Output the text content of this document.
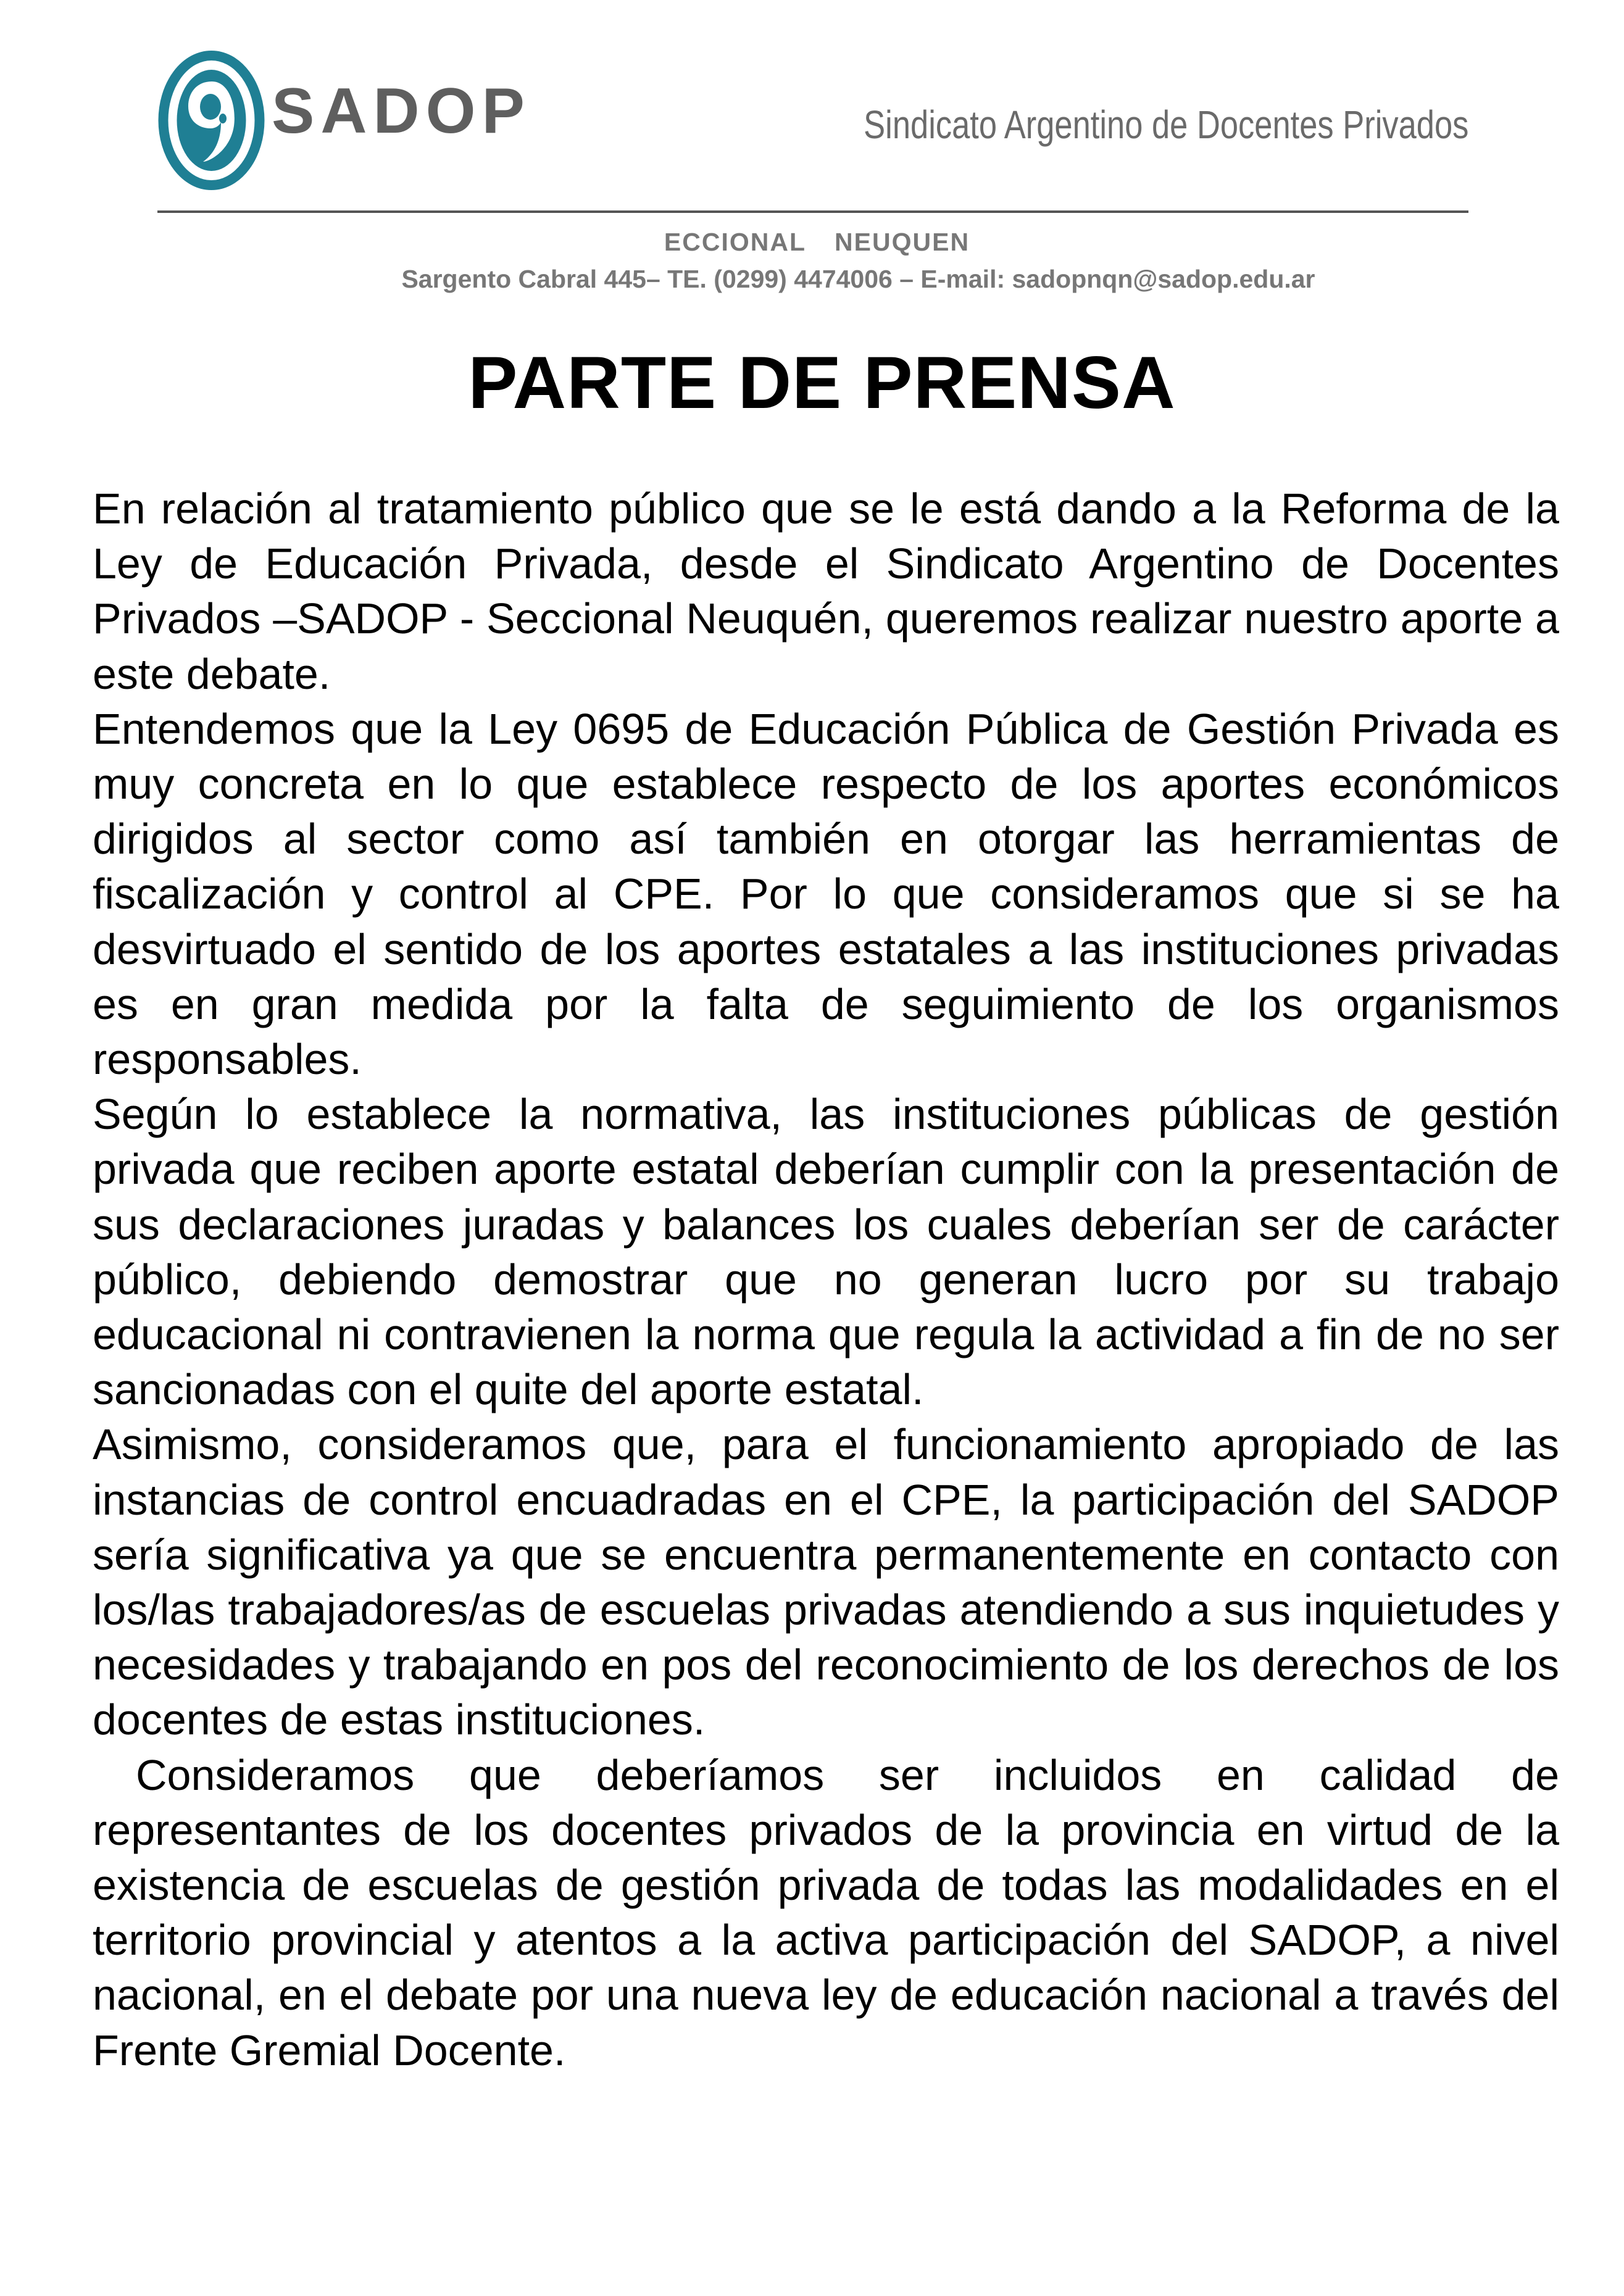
SADOP	Sindicato Argentino de Docentes Privados
ECCIONAL  NEUQUEN
Sargento Cabral 445– TE. (0299) 4474006 – E-mail: sadopnqn@sadop.edu.ar
PARTE DE PRENSA

En relación al tratamiento público que se le está dando a la Reforma de la Ley de Educación Privada, desde el Sindicato Argentino de Docentes Privados –SADOP - Seccional Neuquén, queremos realizar nuestro aporte a este debate.

Entendemos que la Ley 0695 de Educación Pública de Gestión Privada es muy concreta en lo que establece respecto de los aportes económicos dirigidos al sector como así también en otorgar las herramientas de fiscalización y control al CPE. Por lo que consideramos que si se ha desvirtuado el sentido de los aportes estatales a las instituciones privadas es en gran medida por la falta de seguimiento de los organismos responsables.

Según lo establece la normativa, las instituciones públicas de gestión privada que reciben aporte estatal deberían cumplir con la presentación de sus declaraciones juradas y balances los cuales deberían ser de carácter público, debiendo demostrar que no generan lucro por su trabajo educacional ni contravienen la norma que regula la actividad a fin de no ser sancionadas con el quite del aporte estatal.

Asimismo, consideramos que, para el funcionamiento apropiado de las instancias de control encuadradas en el CPE, la participación del SADOP sería significativa ya que se encuentra permanentemente en contacto con los/las trabajadores/as de escuelas privadas atendiendo a sus inquietudes y necesidades y trabajando en pos del reconocimiento de los derechos de los docentes de estas instituciones.

Consideramos que deberíamos ser incluidos en calidad de representantes de los docentes privados de la provincia en virtud de la existencia de escuelas de gestión privada de todas las modalidades en el territorio provincial y atentos a la activa participación del SADOP, a nivel nacional, en el debate por una nueva ley de educación nacional a través del Frente Gremial Docente.
